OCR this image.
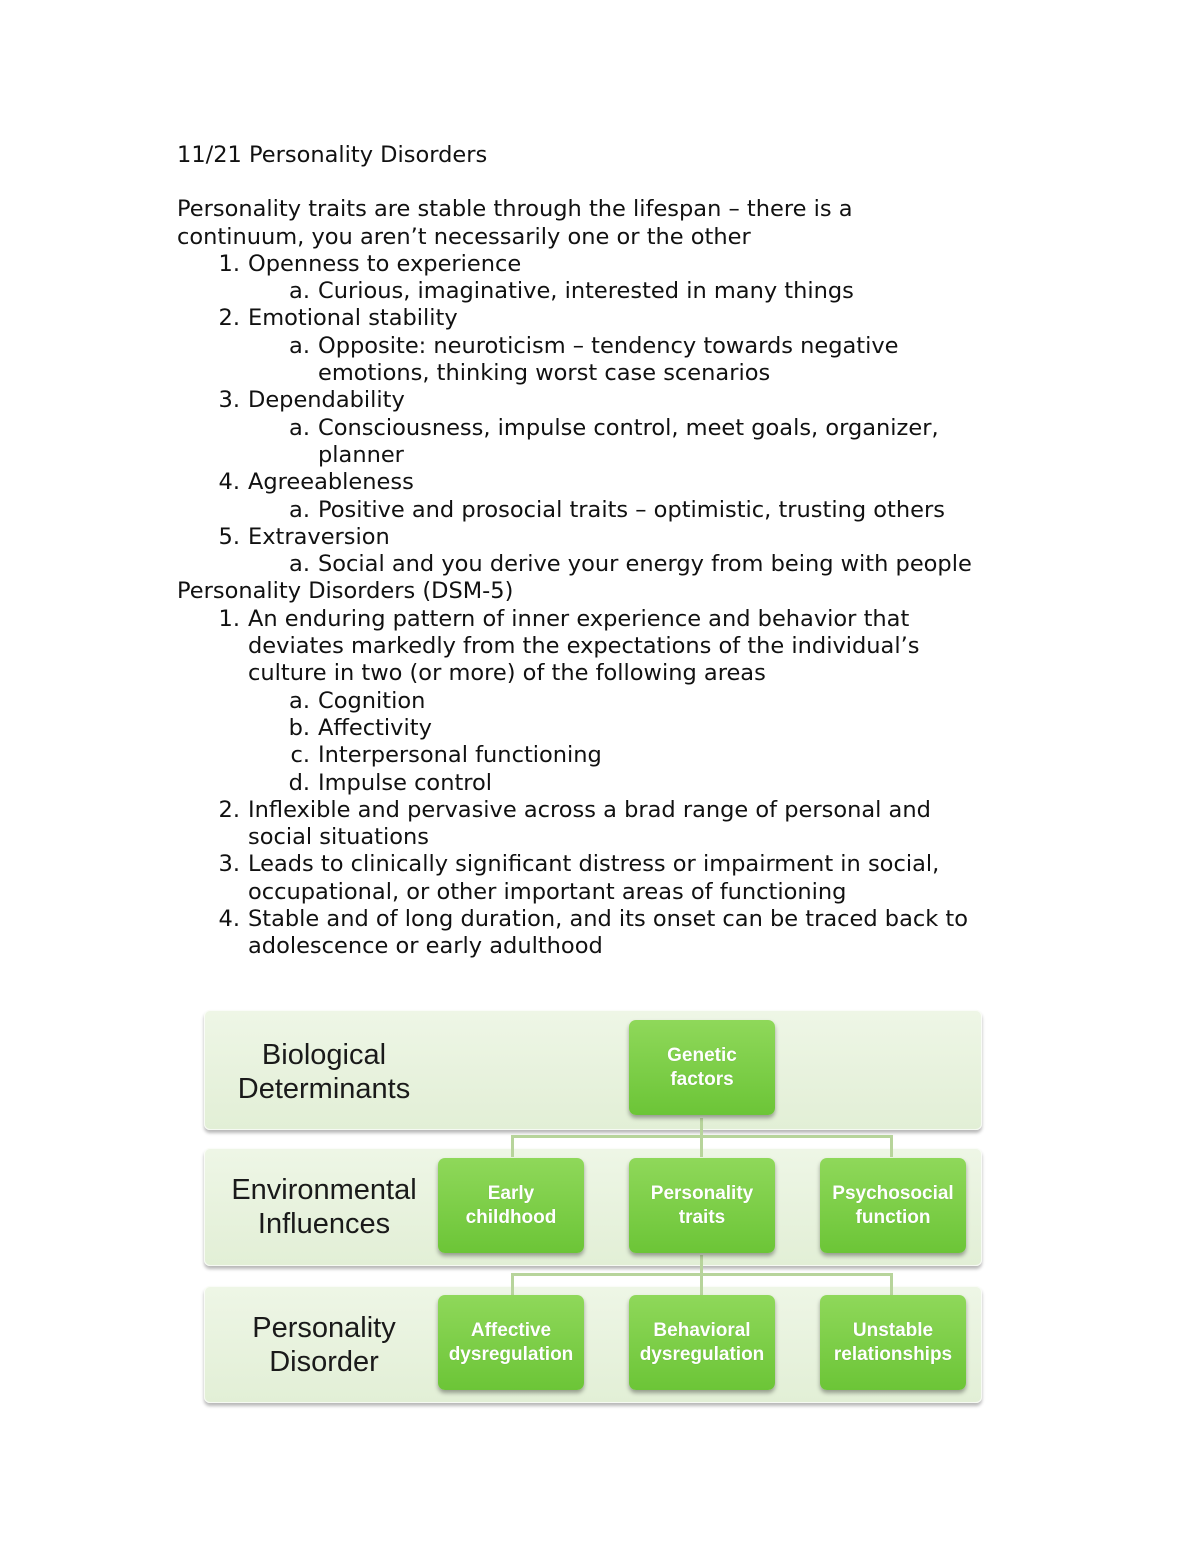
11/21 Personality Disorders

Personality traits are stable through the lifespan – there is a

continuum, you aren’t necessarily one or the other

1. Openness to experience
a. Curious, imaginative, interested in many things
2. Emotional stability
a. Opposite: neuroticism – tendency towards negative emotions, thinking worst case scenarios
3. Dependability
a. Consciousness, impulse control, meet goals, organizer, planner
4. Agreeableness
a. Positive and prosocial traits – optimistic, trusting others
5. Extraversion
a. Social and you derive your energy from being with people

Personality Disorders (DSM-5)

1. An enduring pattern of inner experience and behavior that deviates markedly from the expectations of the individual’s culture in two (or more) of the following areas
a. Cognition
b. Affectivity
c. Interpersonal functioning
d. Impulse control
2. Inflexible and pervasive across a brad range of personal and social situations
3. Leads to clinically significant distress or impairment in social, occupational, or other important areas of functioning
4. Stable and of long duration, and its onset can be traced back to adolescence or early adulthood
Biological
Determinants
Environmental
Influences
Personality
Disorder
Genetic
factors
Early
childhood
Personality
traits
Psychosocial
function
Affective
dysregulation
Behavioral
dysregulation
Unstable
relationships
